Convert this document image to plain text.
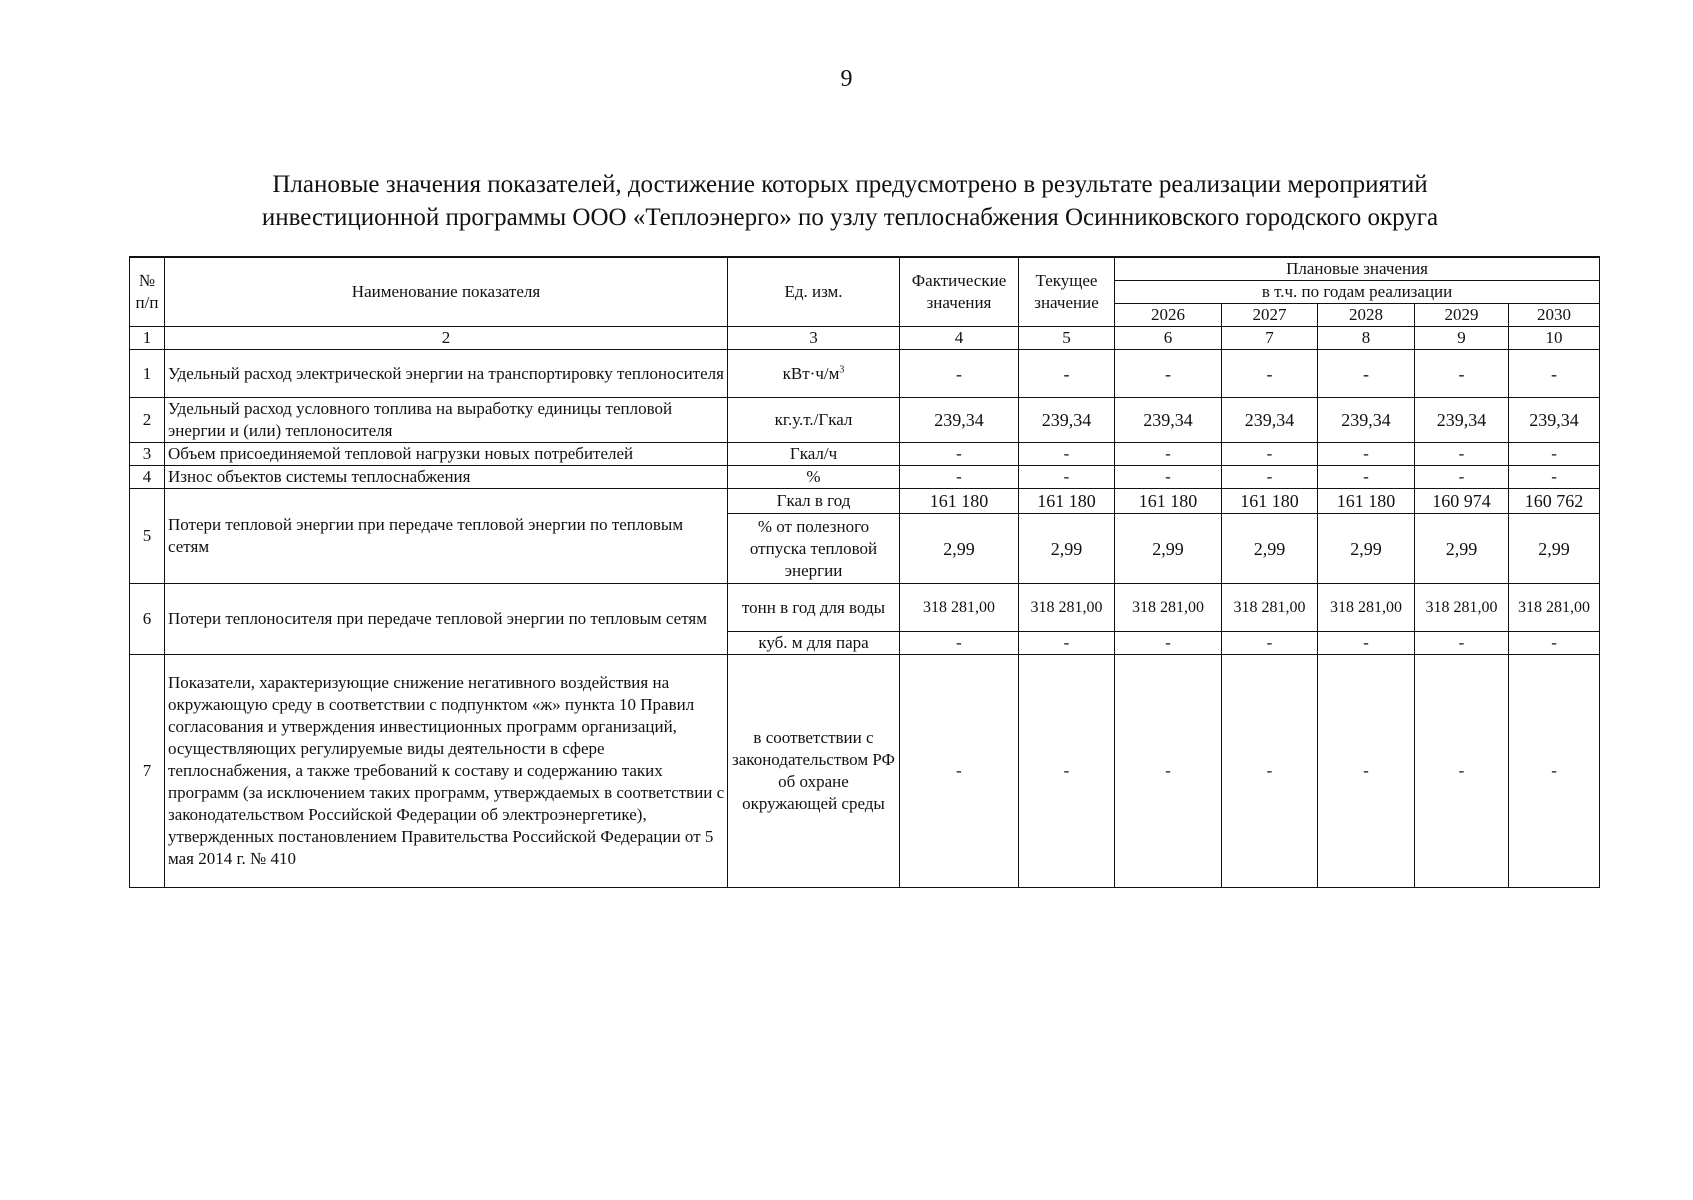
9
Плановые значения показателей, достижение которых предусмотрено в результате реализации мероприятий
инвестиционной программы ООО «Теплоэнерго» по узлу теплоснабжения Осинниковского городского округа
№ п/п	Наименование показателя	Ед. изм.	Фактические значения	Текущее значение	Плановые значения				
					в т.ч. по годам реализации				
					2026	2027	2028	2029	2030
1	2	3	4	5	6	7	8	9	10
1	Удельный расход электрической энергии на транспортировку теплоносителя	$кВт\cdot ч/м^3$	-	-	-	-	-	-	-
2	Удельный расход условного топлива на выработку единицы тепловой энергии и (или) теплоносителя	кг.у.т./Гкал	239,34	239,34	239,34	239,34	239,34	239,34	239,34
3	Объем присоединяемой тепловой нагрузки новых потребителей	Гкал/ч	-	-	-	-	-	-	-
4	Износ объектов системы теплоснабжения	%	-	-	-	-	-	-	-
5	Потери тепловой энергии при передаче тепловой энергии по тепловым сетям	Гкал в год	161 180	161 180	161 180	161 180	161 180	160 974	160 762
		% от полезного отпуска тепловой энергии	2,99	2,99	2,99	2,99	2,99	2,99	2,99
6	Потери теплоносителя при передаче тепловой энергии по тепловым сетям	тонн в год для воды	318 281,00	318 281,00	318 281,00	318 281,00	318 281,00	318 281,00	318 281,00
		куб. м для пара	-	-	-	-	-	-	-
7	Показатели, характеризующие снижение негативного воздействия на окружающую среду в соответствии с подпунктом «ж» пункта 10 Правил согласования и утверждения инвестиционных программ организаций, осуществляющих регулируемые виды деятельности в сфере теплоснабжения, а также требований к составу и содержанию таких программ (за исключением таких программ, утверждаемых в соответствии с законодательством Российской Федерации об электроэнергетике), утвержденных постановлением Правительства Российской Федерации от 5 мая 2014 г. № 410	в соответствии с законодательством РФ об охране окружающей среды	-	-	-	-	-	-	-
